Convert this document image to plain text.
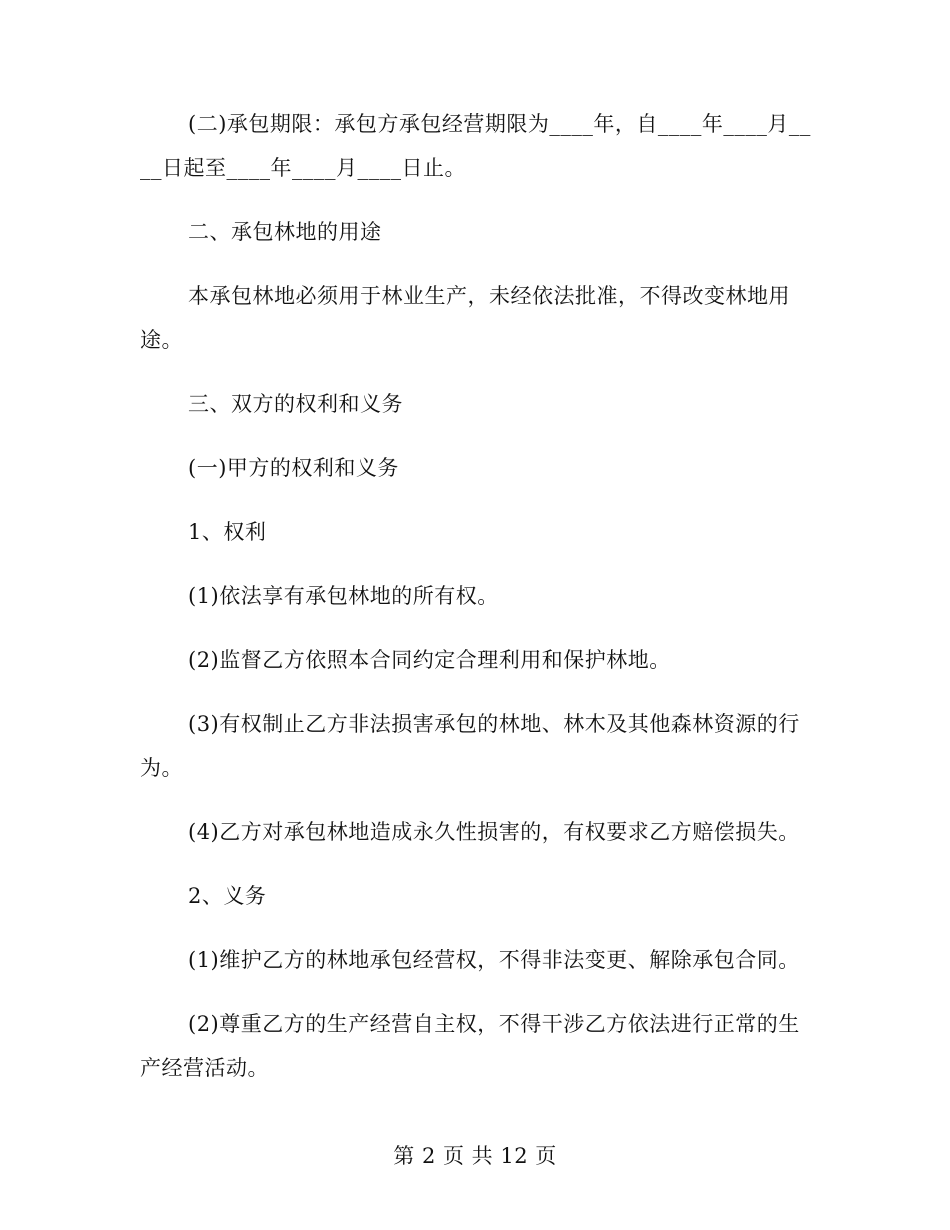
(二)承包期限：承包方承包经营期限为____年，自____年____月____日起至____年____月____日止。

二、承包林地的用途

本承包林地必须用于林业生产，未经依法批准，不得改变林地用途。

三、双方的权利和义务

(一)甲方的权利和义务

1、权利

(1)依法享有承包林地的所有权。

(2)监督乙方依照本合同约定合理利用和保护林地。

(3)有权制止乙方非法损害承包的林地、林木及其他森林资源的行为。

(4)乙方对承包林地造成永久性损害的，有权要求乙方赔偿损失。

2、义务

(1)维护乙方的林地承包经营权，不得非法变更、解除承包合同。

(2)尊重乙方的生产经营自主权，不得干涉乙方依法进行正常的生产经营活动。

第 2 页 共 12 页
